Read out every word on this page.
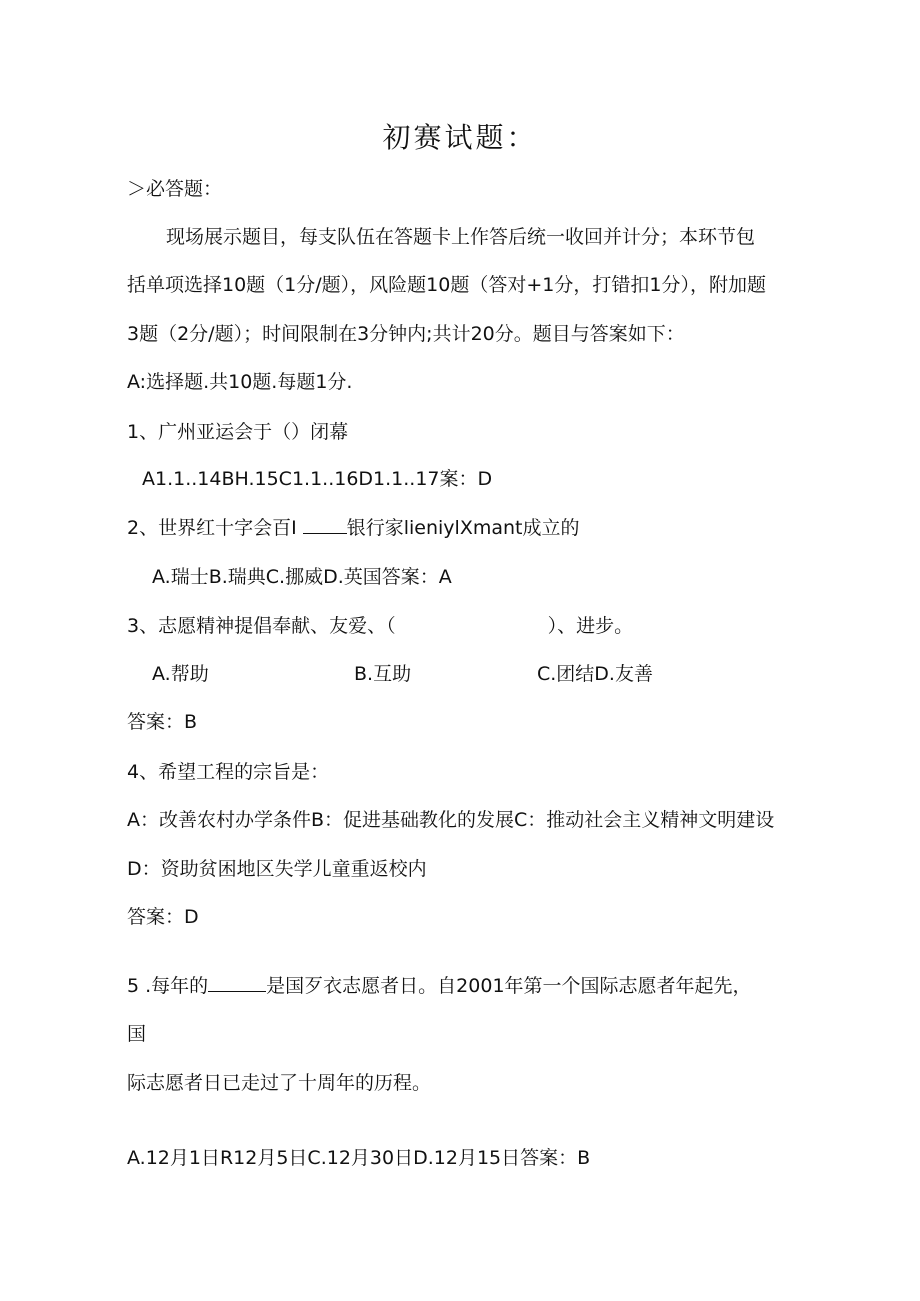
初赛试题：
＞必答题：
现场展示题目，每支队伍在答题卡上作答后统一收回并计分；本环节包
括单项选择10题（1分/题），风险题10题（答对+1分，打错扣1分），附加题
3题（2分/题）；时间限制在3分钟内;共计20分。题目与答案如下：
A:选择题.共10题.每题1分.
1、广州亚运会于（）闭幕
A1.1..14BH.15C1.1..16D1.1..17案：D
2、世界红十字会百I 银行家lieniylXmant成立的
A.瑞士B.瑞典C.挪威D.英国答案：A
3、志愿精神提倡奉献、友爱、（	）、进步。
A.帮助	B.互助	C.团结D.友善
答案：B
4、希望工程的宗旨是：
A：改善农村办学条件B：促进基础教化的发展C：推动社会主义精神文明建设
D：资助贫困地区失学儿童重返校内
答案：D
5 .每年的	是国歹衣志愿者日。自2001年第一个国际志愿者年起先，
国
际志愿者日已走过了十周年的历程。
A.12月1日R12月5日C.12月30日D.12月15日答案：B
